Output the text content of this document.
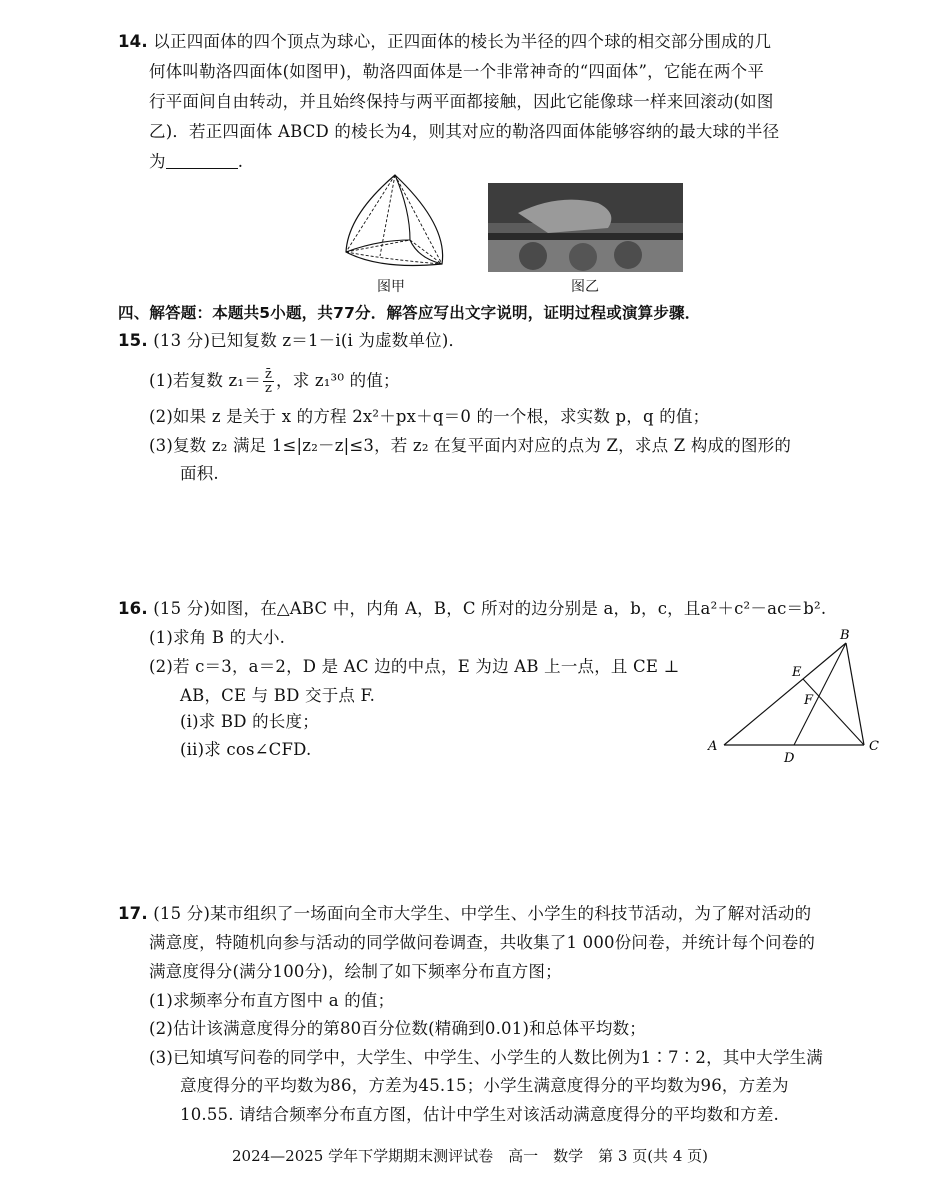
14. 以正四面体的四个顶点为球心，正四面体的棱长为半径的四个球的相交部分围成的几
何体叫勒洛四面体(如图甲)，勒洛四面体是一个非常神奇的“四面体”，它能在两个平
行平面间自由转动，并且始终保持与两平面都接触，因此它能像球一样来回滚动(如图
乙)．若正四面体 ABCD 的棱长为4，则其对应的勒洛四面体能够容纳的最大球的半径
为	.
图甲	图乙
四、解答题：本题共5小题，共77分．解答应写出文字说明，证明过程或演算步骤．
15. (13 分)已知复数 z＝1－i(i 为虚数单位)．
(1)若复数 $z_1= \frac{z̄}{z}$ ，求 z₁³⁰ 的值；
(2)如果 z 是关于 x 的方程 2x²＋px＋q＝0 的一个根，求实数 p，q 的值；
(3)复数 z₂ 满足 1≤|z₂－z|≤3，若 z₂ 在复平面内对应的点为 Z，求点 Z 构成的图形的
面积.
16. (15 分)如图，在△ABC 中，内角 A，B，C 所对的边分别是 a，b，c，且a²＋c²－ac＝b².
(1)求角 B 的大小.
(2)若 c＝3，a＝2，D 是 AC 边的中点，E 为边 AB 上一点，且 CE ⊥
AB，CE 与 BD 交于点 F.
(i)求 BD 的长度；
(ii)求 cos∠CFD.	A
B
C
D
E
F
17. (15 分)某市组织了一场面向全市大学生、中学生、小学生的科技节活动，为了解对活动的
满意度，特随机向参与活动的同学做问卷调查，共收集了1 000份问卷，并统计每个问卷的
满意度得分(满分100分)，绘制了如下频率分布直方图；
(1)求频率分布直方图中 a 的值；
(2)估计该满意度得分的第80百分位数(精确到0.01)和总体平均数；
(3)已知填写问卷的同学中，大学生、中学生、小学生的人数比例为1∶7∶2，其中大学生满
意度得分的平均数为86，方差为45.15；小学生满意度得分的平均数为96，方差为
10.55. 请结合频率分布直方图，估计中学生对该活动满意度得分的平均数和方差.
2024—2025 学年下学期期末测评试卷　高一　数学　第 3 页(共 4 页)
